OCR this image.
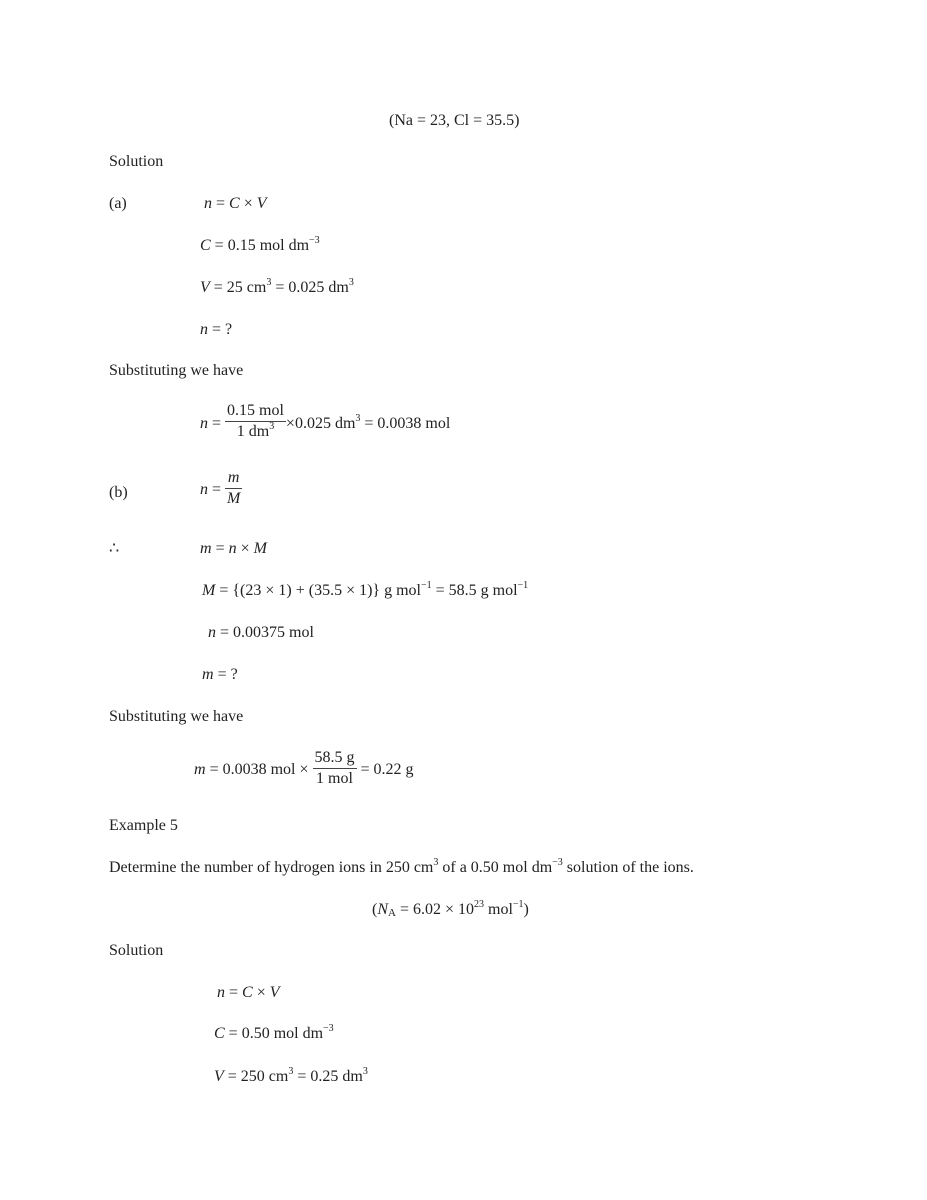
(Na = 23, Cl = 35.5)
Solution
(a)	n = C × V
C = 0.15 mol $dm^{-3}$
V = 25 $cm^3 = 0.025$ $dm^3$
n = ?
Substituting we have
$n = \frac{\text{0.15 mol}}{1 dm^3} \times 0.025$ $dm^3 = 0.0038$ mol
(b)	$n = \frac{m}{M}$
∴	m = n × M
M = {(23 × 1) + (35.5 × 1)} g mol$^{-1}$ = 58.5 g mol$^{-1}$
n = 0.00375 mol
m = ?
Substituting we have
m = 0.0038 mol × $\frac{58.5 g}{\text{1 mol}} = 0.22$ g
Example 5
Determine the number of hydrogen ions in 250 $cm^3$ of a 0.50 mol $dm^{-3}$ solution of the ions.
($NA = 6.02 \times 10^{23}$ mol$^{-1}$)
Solution
n = C × V
C = 0.50 mol $dm^{-3}$
V = 250 $cm^3 = 0.25$ $dm^3$
